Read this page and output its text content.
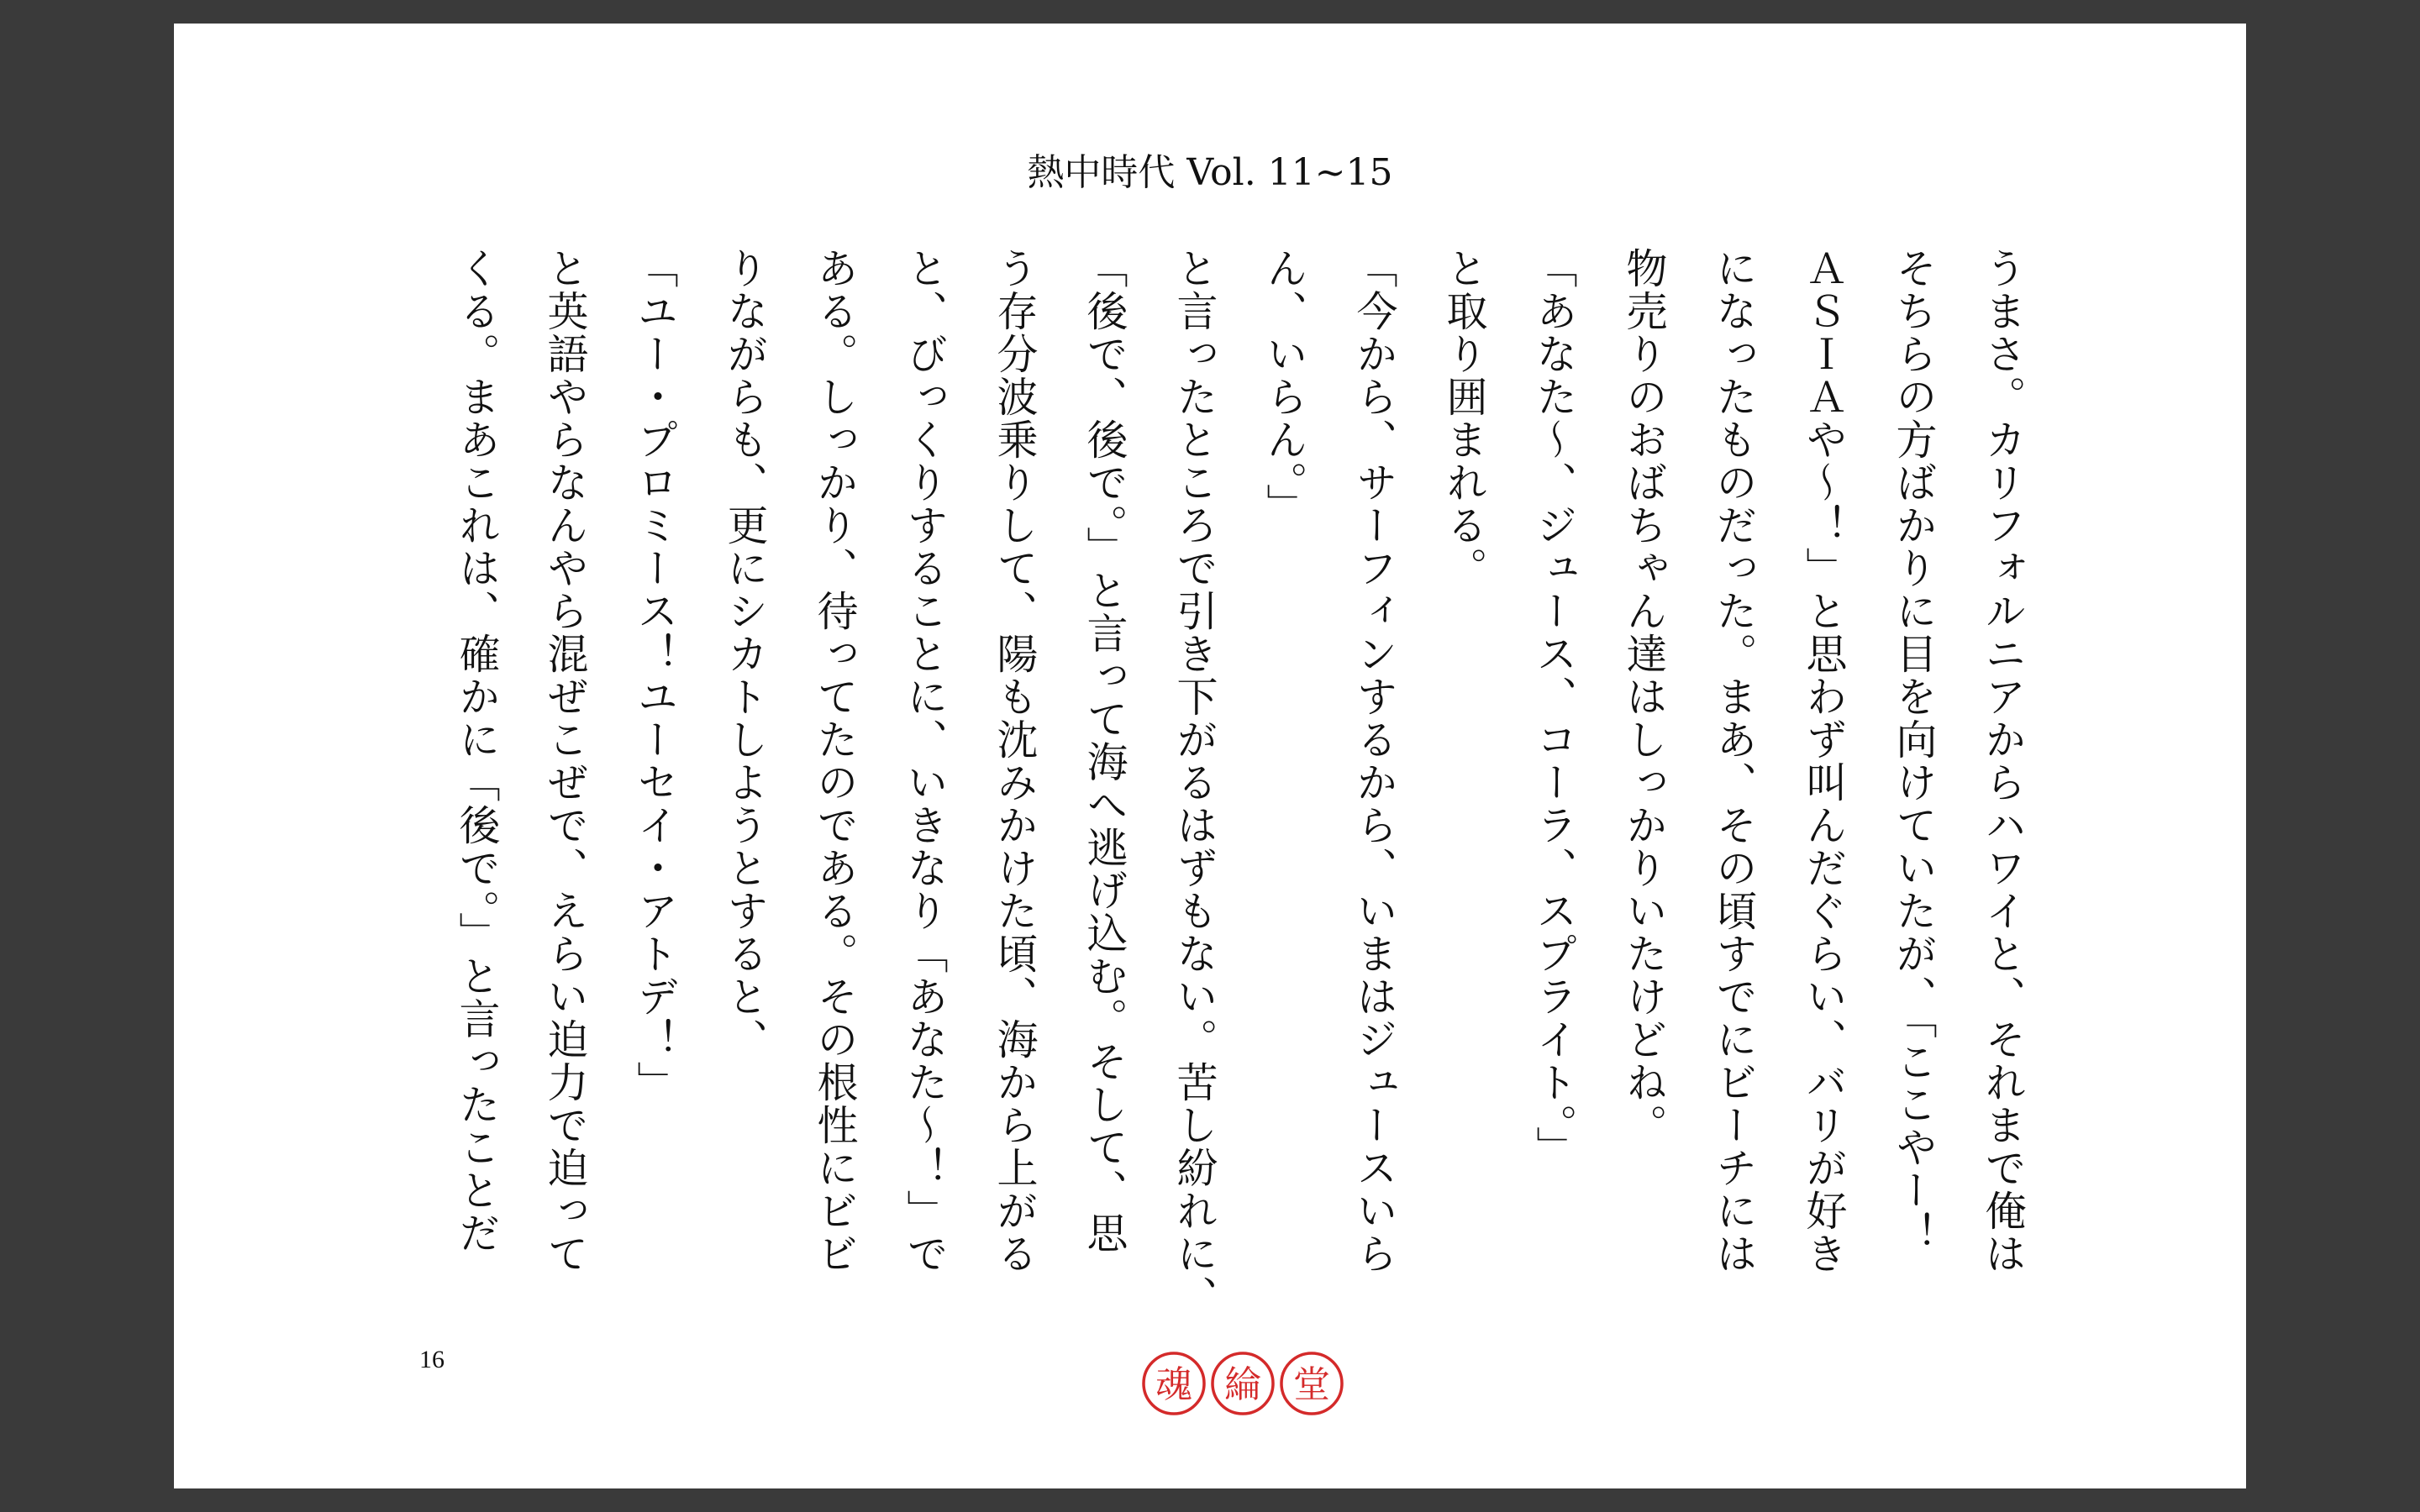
熱中時代 Vol. 11~15
うまさ。カリフォルニアからハワイと、それまで俺は
そちらの方ばかりに目を向けていたが、「ここやー！
ＡＳＩＡや〜！」と思わず叫んだぐらい、バリが好き
になったものだった。まあ、その頃すでにビーチには
物売りのおばちゃん達はしっかりいたけどね。
「あなた〜、ジュース、コーラ、スプライト。」
と取り囲まれる。
「今から、サーフィンするから、いまはジュースいら
ん、いらん。」
と言ったところで引き下がるはずもない。苦し紛れに、
「後で、後で。」と言って海へ逃げ込む。そして、思
う存分波乗りして、陽も沈みかけた頃、海から上がる
と、びっくりすることに、いきなり「あなた〜！」で
ある。しっかり、待ってたのである。その根性にビビ
りながらも、更にシカトしようとすると、
「ユー・プロミース！ユーセイ・アトデ！」
と英語やらなんやら混ぜこぜで、えらい迫力で迫って
くる。まあこれは、確かに「後で。」と言ったことだ
16
魂 綸 堂
